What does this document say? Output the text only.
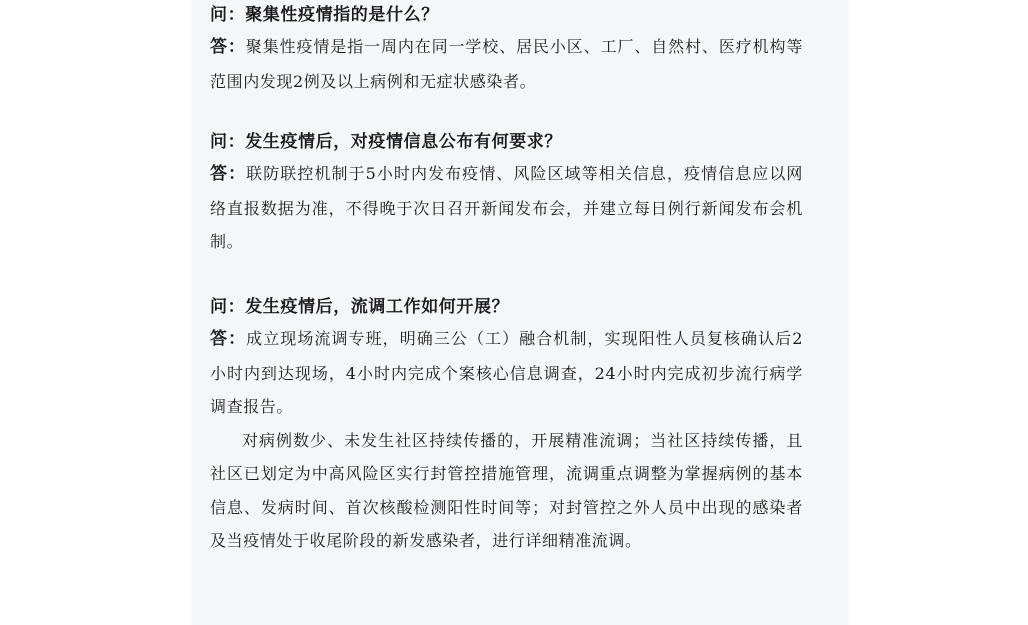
问：聚集性疫情指的是什么？

答：聚集性疫情是指一周内在同一学校、居民小区、工厂、自然村、医疗机构等范围内发现2例及以上病例和无症状感染者。

问：发生疫情后，对疫情信息公布有何要求？

答：联防联控机制于5小时内发布疫情、风险区域等相关信息，疫情信息应以网络直报数据为准，不得晚于次日召开新闻发布会，并建立每日例行新闻发布会机制。

问：发生疫情后，流调工作如何开展？

答：成立现场流调专班，明确三公（工）融合机制，实现阳性人员复核确认后2小时内到达现场，4小时内完成个案核心信息调查，24小时内完成初步流行病学调查报告。

对病例数少、未发生社区持续传播的，开展精准流调；当社区持续传播，且社区已划定为中高风险区实行封管控措施管理，流调重点调整为掌握病例的基本信息、发病时间、首次核酸检测阳性时间等；对封管控之外人员中出现的感染者及当疫情处于收尾阶段的新发感染者，进行详细精准流调。
